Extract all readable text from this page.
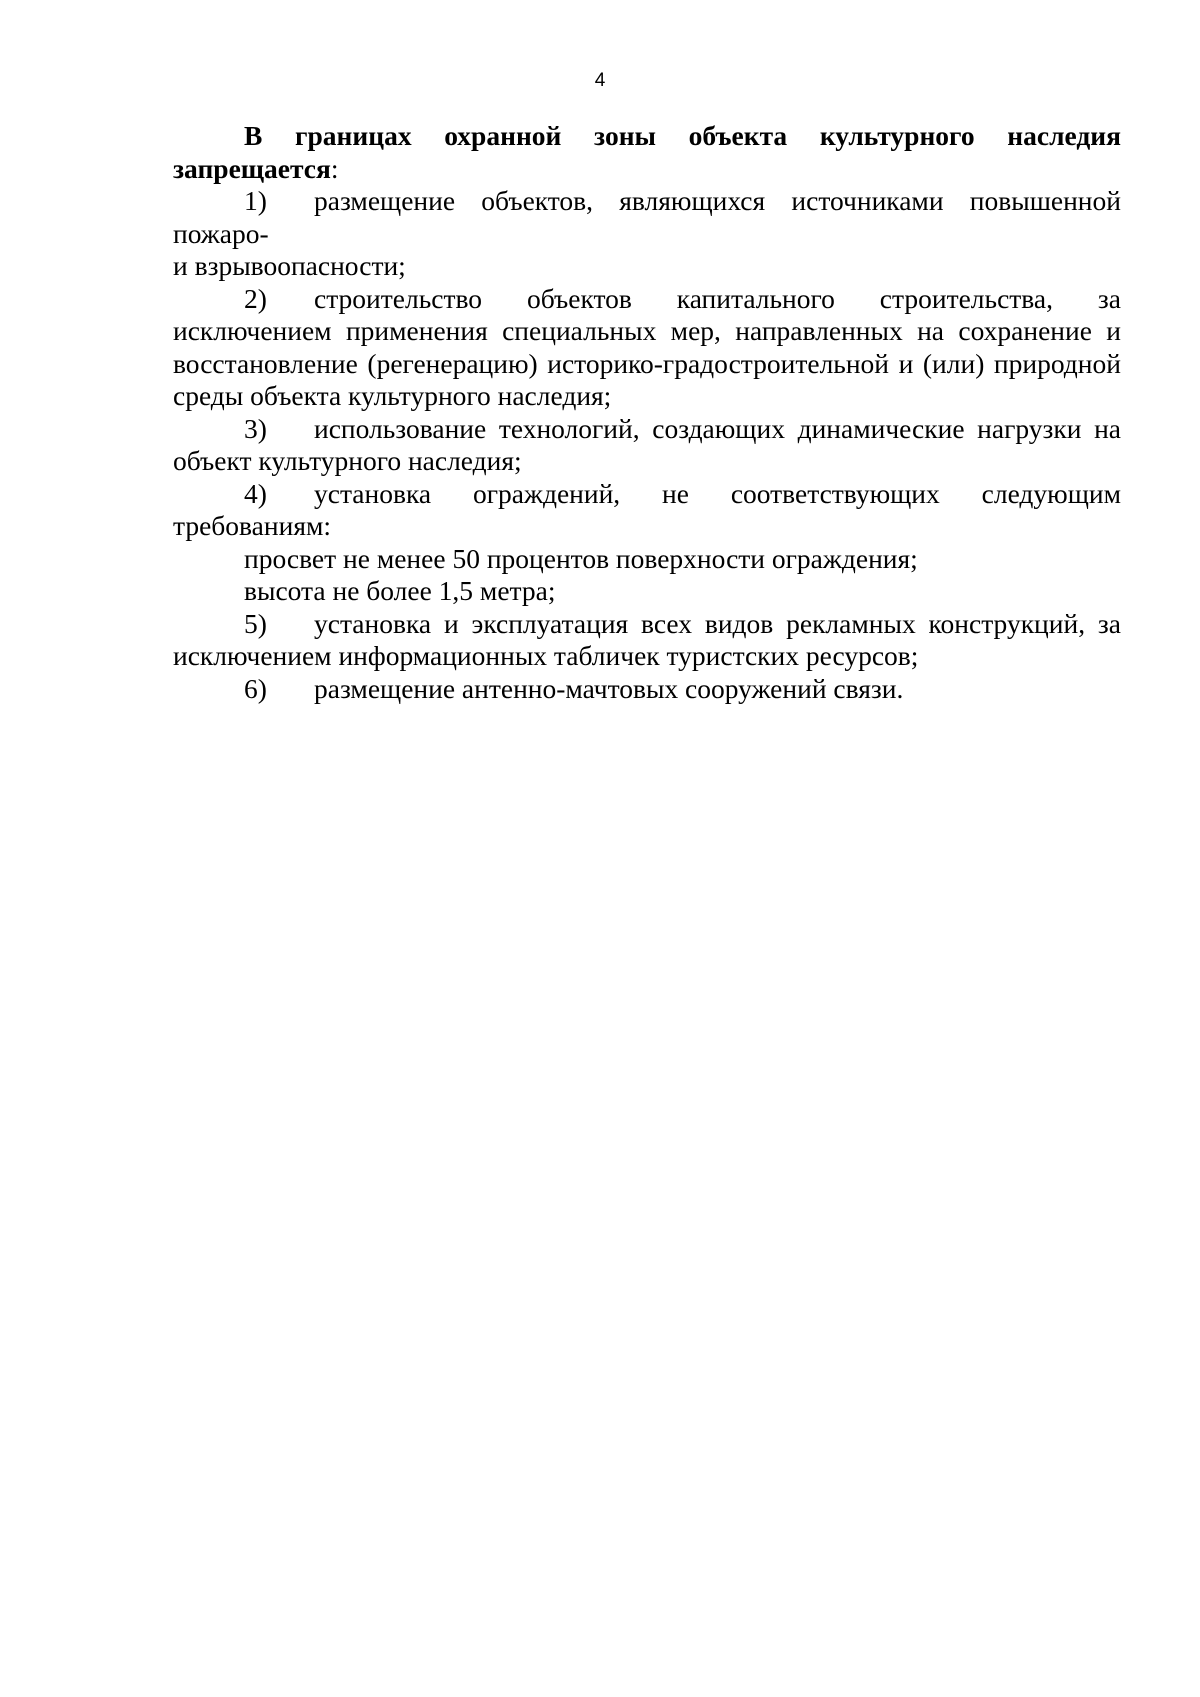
4

В границах охранной зоны объекта культурного наследия запрещается:

1) размещение объектов, являющихся источниками повышенной пожаро-
и взрывоопасности;

2) строительство объектов капитального строительства, за исключением применения специальных мер, направленных на сохранение и восстановление (регенерацию) историко-градостроительной и (или) природной среды объекта культурного наследия;

3) использование технологий, создающих динамические нагрузки на объект культурного наследия;

4) установка ограждений, не соответствующих следующим требованиям:

просвет не менее 50 процентов поверхности ограждения;

высота не более 1,5 метра;

5) установка и эксплуатация всех видов рекламных конструкций, за исключением информационных табличек туристских ресурсов;

6) размещение антенно-мачтовых сооружений связи.
